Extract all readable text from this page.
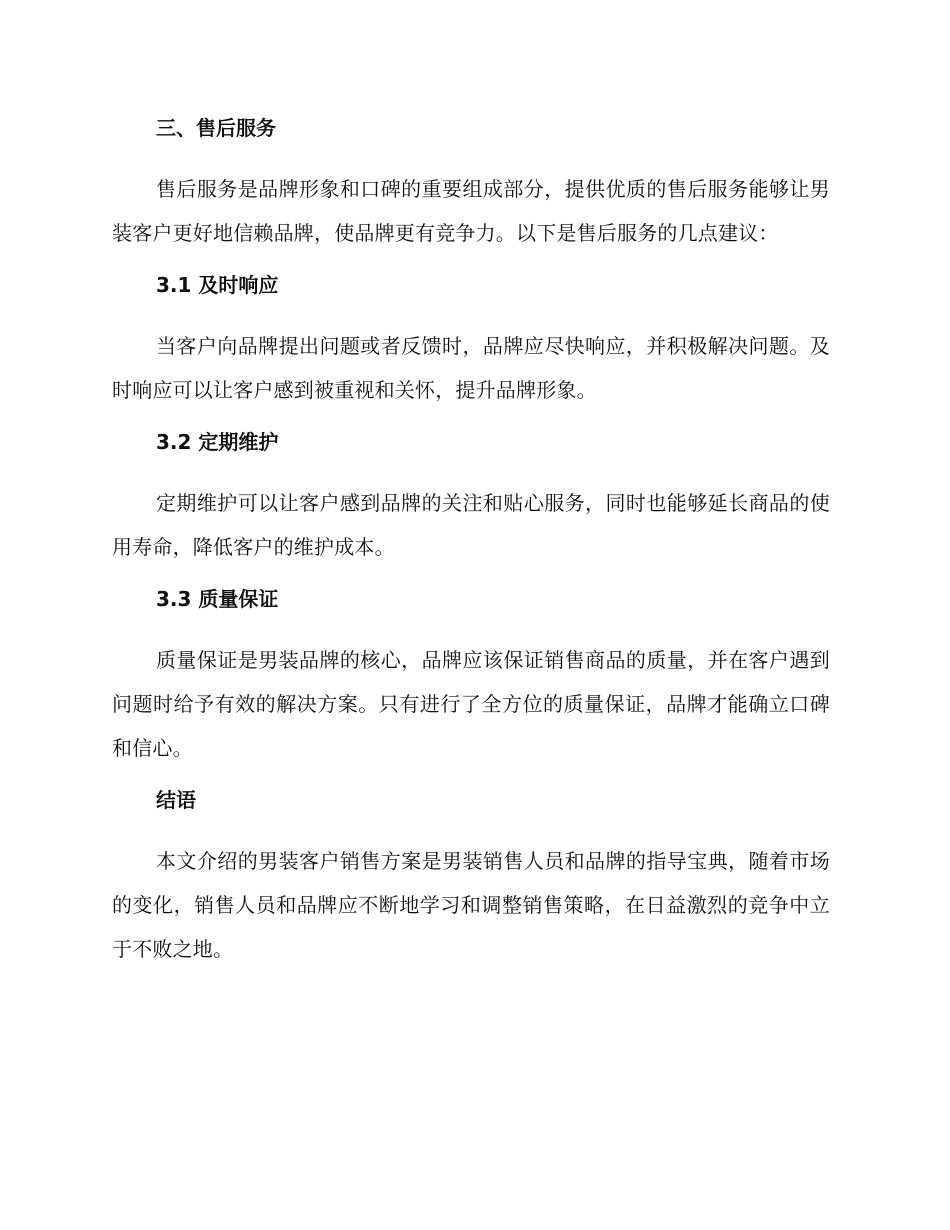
三、售后服务

售后服务是品牌形象和口碑的重要组成部分，提供优质的售后服务能够让男装客户更好地信赖品牌，使品牌更有竞争力。以下是售后服务的几点建议：

3.1 及时响应

当客户向品牌提出问题或者反馈时，品牌应尽快响应，并积极解决问题。及时响应可以让客户感到被重视和关怀，提升品牌形象。

3.2 定期维护

定期维护可以让客户感到品牌的关注和贴心服务，同时也能够延长商品的使用寿命，降低客户的维护成本。

3.3 质量保证

质量保证是男装品牌的核心，品牌应该保证销售商品的质量，并在客户遇到问题时给予有效的解决方案。只有进行了全方位的质量保证，品牌才能确立口碑和信心。

结语

本文介绍的男装客户销售方案是男装销售人员和品牌的指导宝典，随着市场的变化，销售人员和品牌应不断地学习和调整销售策略，在日益激烈的竞争中立于不败之地。
